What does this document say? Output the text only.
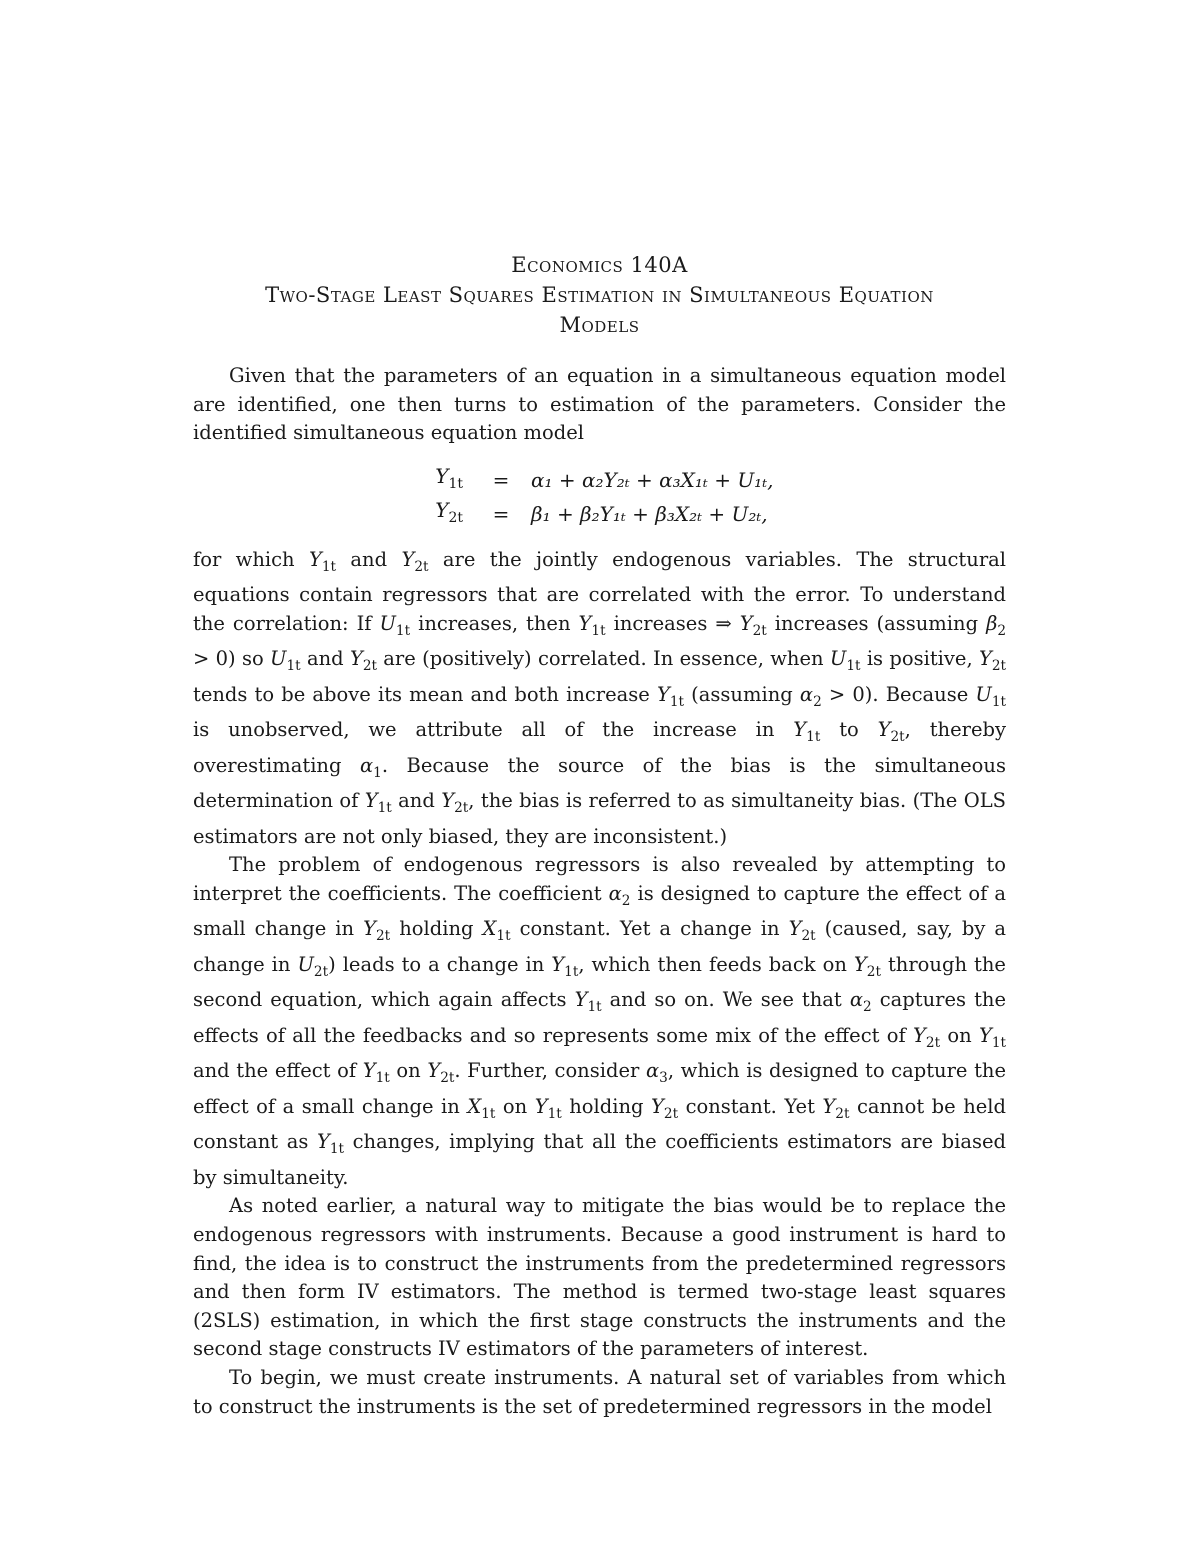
Economics 140A
Two-Stage Least Squares Estimation in Simultaneous Equation
Models

Given that the parameters of an equation in a simultaneous equation model are identified, one then turns to estimation of the parameters. Consider the identified simultaneous equation model

$Y_{1t}$	=	α₁ + α₂Y₂ₜ + α₃X₁ₜ + U₁ₜ,
$Y_{2t}$	=	β₁ + β₂Y₁ₜ + β₃X₂ₜ + U₂ₜ,

for which $Y_{1t}$ and $Y_{2t}$ are the jointly endogenous variables. The structural equations contain regressors that are correlated with the error. To understand the correlation: If $U_{1t}$ increases, then $Y_{1t}$ increases ⇒ $Y_{2t}$ increases (assuming $\beta_2 > 0$) so $U_{1t}$ and $Y_{2t}$ are (positively) correlated. In essence, when $U_{1t}$ is positive, $Y_{2t}$ tends to be above its mean and both increase $Y_{1t}$ (assuming $\alpha_2 > 0$). Because $U_{1t}$ is unobserved, we attribute all of the increase in $Y_{1t}$ to $Y_{2t}$, thereby overestimating $\alpha_1$. Because the source of the bias is the simultaneous determination of $Y_{1t}$ and $Y_{2t}$, the bias is referred to as simultaneity bias. (The OLS estimators are not only biased, they are inconsistent.)

The problem of endogenous regressors is also revealed by attempting to interpret the coefficients. The coefficient $\alpha_2$ is designed to capture the effect of a small change in $Y_{2t}$ holding $X_{1t}$ constant. Yet a change in $Y_{2t}$ (caused, say, by a change in $U_{2t}$) leads to a change in $Y_{1t}$, which then feeds back on $Y_{2t}$ through the second equation, which again affects $Y_{1t}$ and so on. We see that $\alpha_2$ captures the effects of all the feedbacks and so represents some mix of the effect of $Y_{2t}$ on $Y_{1t}$ and the effect of $Y_{1t}$ on $Y_{2t}$. Further, consider $\alpha_3$, which is designed to capture the effect of a small change in $X_{1t}$ on $Y_{1t}$ holding $Y_{2t}$ constant. Yet $Y_{2t}$ cannot be held constant as $Y_{1t}$ changes, implying that all the coefficients estimators are biased by simultaneity.

As noted earlier, a natural way to mitigate the bias would be to replace the endogenous regressors with instruments. Because a good instrument is hard to find, the idea is to construct the instruments from the predetermined regressors and then form IV estimators. The method is termed two-stage least squares (2SLS) estimation, in which the first stage constructs the instruments and the second stage constructs IV estimators of the parameters of interest.

To begin, we must create instruments. A natural set of variables from which to construct the instruments is the set of predetermined regressors in the model
